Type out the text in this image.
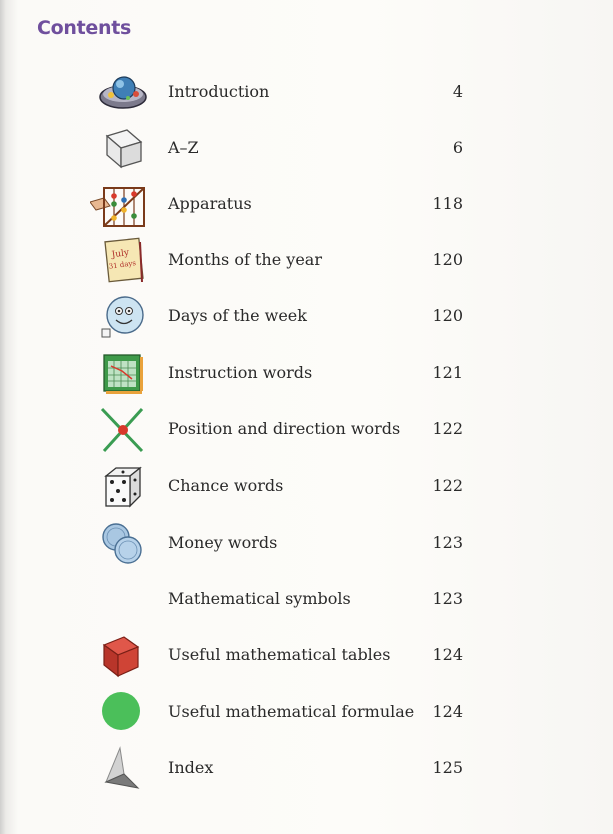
Contents
Introduction	4
A–Z	6
Apparatus	118
July
31 days Months of the year	120
Days of the week	120
Instruction words	121
Position and direction words 122
Chance words	122
Money words	123
Mathematical symbols	123
Useful mathematical tables	124
Useful mathematical formulae 124
Index	125
